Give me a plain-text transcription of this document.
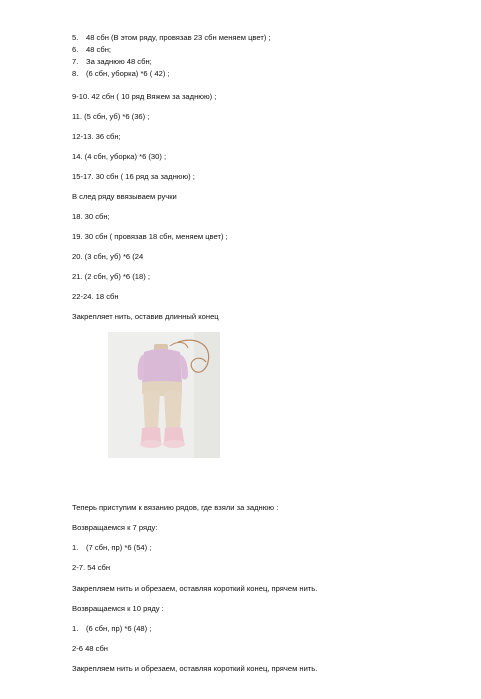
5. 48 сбн (В этом ряду, провязав 23 сбн меняем цвет) ;
6. 48 сбн;
7. За заднюю 48 сбн;
8. (6 сбн, уборка) *6 ( 42) ;
9-10. 42 сбн ( 10 ряд Вяжем за заднюю) ;
11. (5 сбн, уб) *6 (36) ;
12-13. 36 сбн;
14. (4 сбн, уборка) *6 (30) ;
15-17. 30 сбн ( 16 ряд за заднюю) ;
В след ряду ввязываем ручки
18. 30 сбн;
19. 30 сбн ( провязав 18 сбн, меняем цвет) ;
20. (3 сбн, уб) *6 (24
21. (2 сбн, уб) *6 (18) ;
22-24. 18 сбн
Закрепляет нить, оставив длинный конец
Теперь приступим к вязанию рядов, где взяли за заднюю :
Возвращаемся к 7 ряду:
1. (7 сбн, пр) *6 (54) ;
2-7. 54 сбн
Закрепляем нить и обрезаем, оставляя короткий конец, прячем нить.
Возвращаемся к 10 ряду :
1. (6 сбн, пр) *6 (48) ;
2-6 48 сбн
Закрепляем нить и обрезаем, оставляя короткий конец, прячем нить.
